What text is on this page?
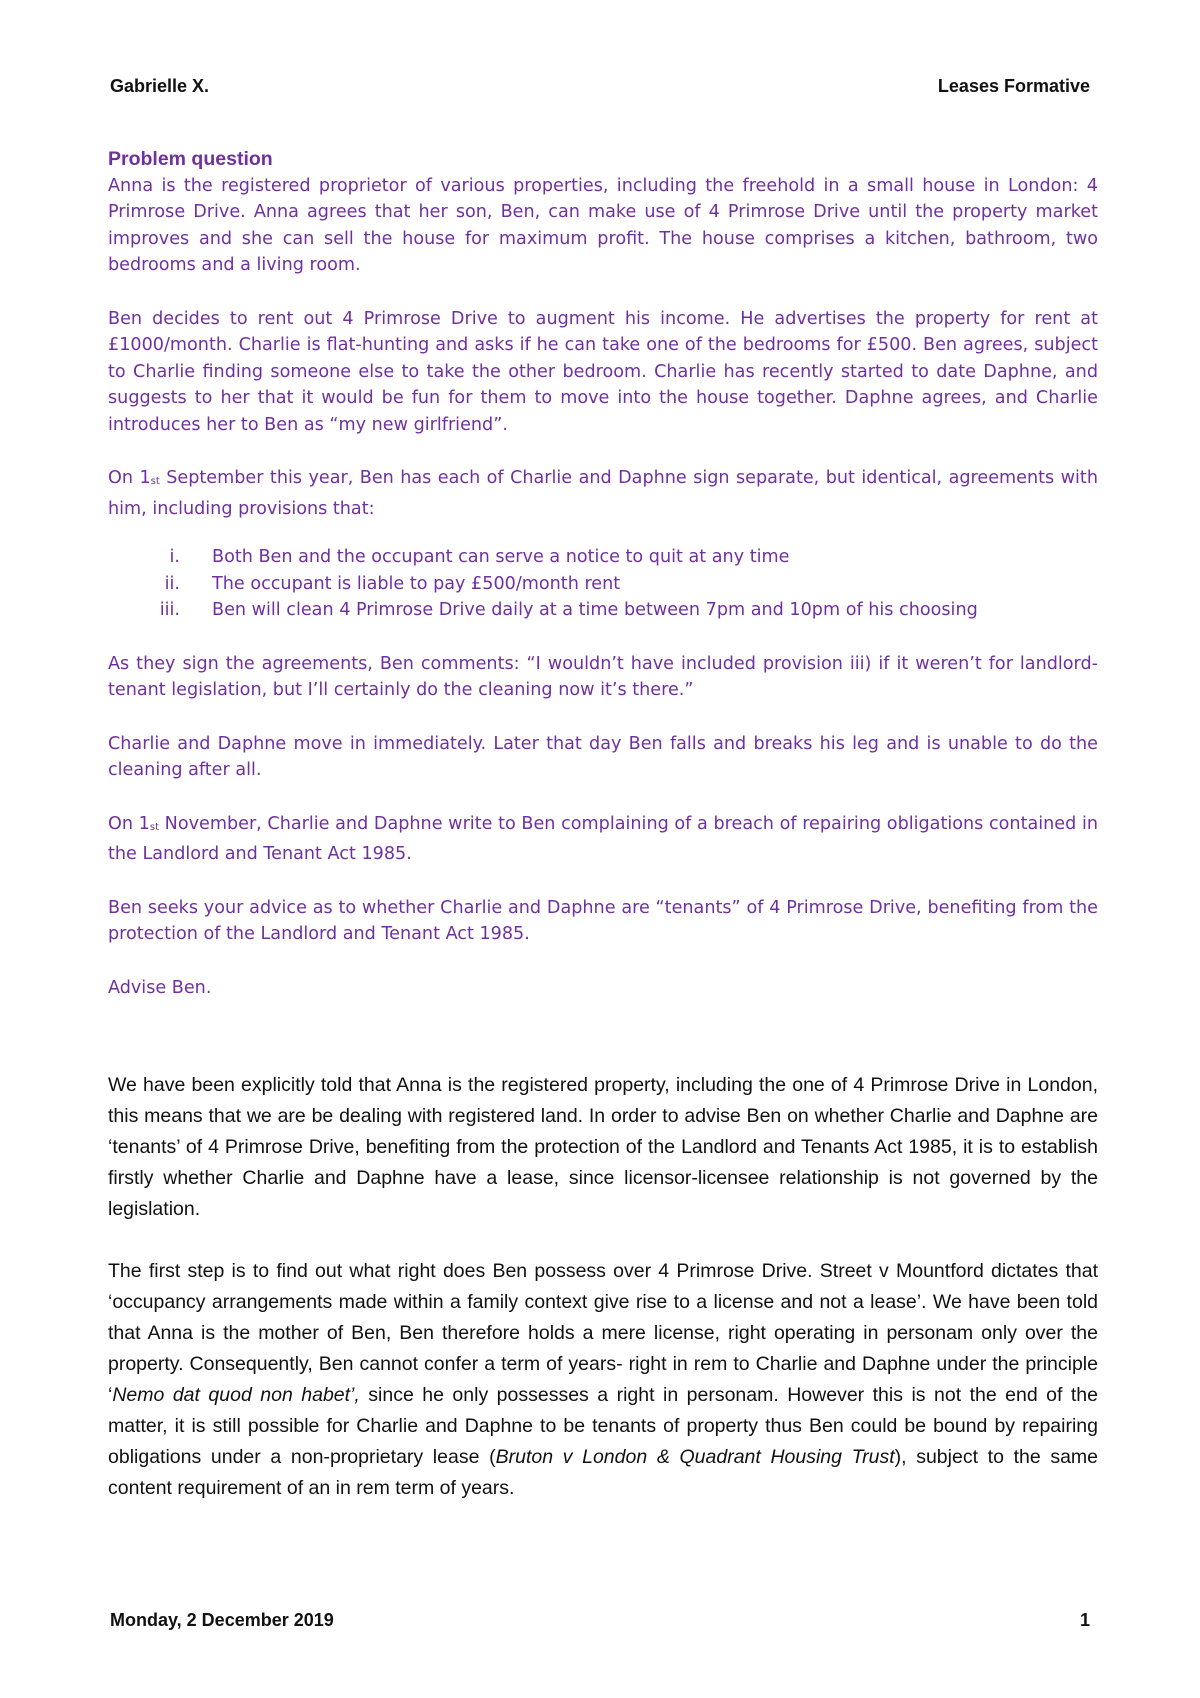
Gabrielle X.	Leases Formative
Problem question

Anna is the registered proprietor of various properties, including the freehold in a small house in London: 4 Primrose Drive. Anna agrees that her son, Ben, can make use of 4 Primrose Drive until the property market improves and she can sell the house for maximum profit. The house comprises a kitchen, bathroom, two bedrooms and a living room.

Ben decides to rent out 4 Primrose Drive to augment his income. He advertises the property for rent at £1000/month. Charlie is flat-hunting and asks if he can take one of the bedrooms for £500. Ben agrees, subject to Charlie finding someone else to take the other bedroom. Charlie has recently started to date Daphne, and suggests to her that it would be fun for them to move into the house together. Daphne agrees, and Charlie introduces her to Ben as “my new girlfriend”.

On 1st September this year, Ben has each of Charlie and Daphne sign separate, but identical, agreements with him, including provisions that:

i.	Both Ben and the occupant can serve a notice to quit at any time
ii.	The occupant is liable to pay £500/month rent
iii.	Ben will clean 4 Primrose Drive daily at a time between 7pm and 10pm of his choosing

As they sign the agreements, Ben comments: “I wouldn’t have included provision iii) if it weren’t for landlord-tenant legislation, but I’ll certainly do the cleaning now it’s there.”

Charlie and Daphne move in immediately. Later that day Ben falls and breaks his leg and is unable to do the cleaning after all.

On 1st November, Charlie and Daphne write to Ben complaining of a breach of repairing obligations contained in the Landlord and Tenant Act 1985.

Ben seeks your advice as to whether Charlie and Daphne are “tenants” of 4 Primrose Drive, benefiting from the protection of the Landlord and Tenant Act 1985.

Advise Ben.

We have been explicitly told that Anna is the registered property, including the one of 4 Primrose Drive in London, this means that we are be dealing with registered land. In order to advise Ben on whether Charlie and Daphne are ‘tenants’ of 4 Primrose Drive, benefiting from the protection of the Landlord and Tenants Act 1985, it is to establish firstly whether Charlie and Daphne have a lease, since licensor-licensee relationship is not governed by the legislation.

The first step is to find out what right does Ben possess over 4 Primrose Drive. Street v Mountford dictates that ‘occupancy arrangements made within a family context give rise to a license and not a lease’. We have been told that Anna is the mother of Ben, Ben therefore holds a mere license, right operating in personam only over the property. Consequently, Ben cannot confer a term of years- right in rem to Charlie and Daphne under the principle ‘Nemo dat quod non habet’, since he only possesses a right in personam. However this is not the end of the matter, it is still possible for Charlie and Daphne to be tenants of property thus Ben could be bound by repairing obligations under a non-proprietary lease (Bruton v London & Quadrant Housing Trust), subject to the same content requirement of an in rem term of years.

Monday, 2 December 2019	1
